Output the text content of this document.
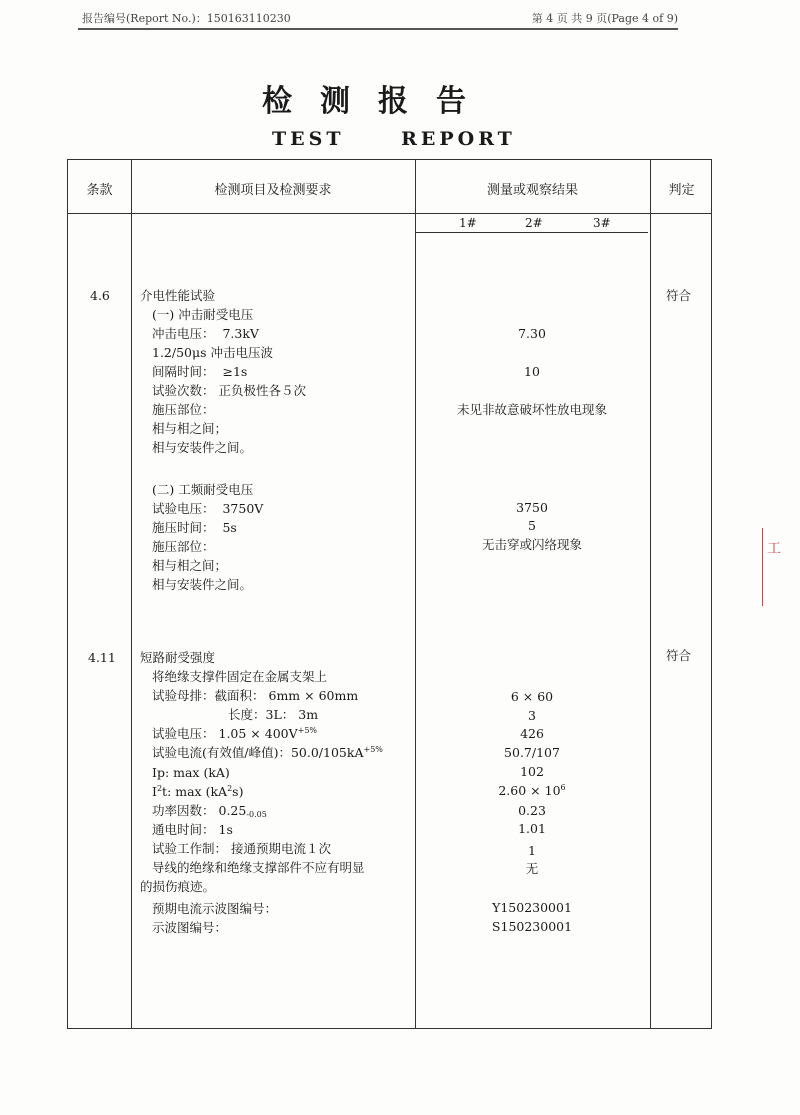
报告编号(Report No.)：150163110230	第 4 页 共 9 页(Page 4 of 9)
检测报告
TEST REPORT
条款	检测项目及检测要求	测量或观察结果	判定
1#	2#	3#
4.6	符合
介电性能试验
(一) 冲击耐受电压
冲击电压： 7.3kV	7.30
1.2/50μs 冲击电压波
间隔时间： ≥1s	10
试验次数： 正负极性各５次
施压部位：	未见非故意破坏性放电现象
相与相之间；
相与安装件之间。
(二) 工频耐受电压
试验电压： 3750V	3750
施压时间： 5s	5
施压部位：	无击穿或闪络现象
相与相之间；
相与安装件之间。
4.11	符合
短路耐受强度
将绝缘支撑件固定在金属支架上
试验母排：截面积： 6mm × 60mm	6 × 60
长度：3L： 3m	3
试验电压： $1.05 \times 400V^{+5\%}$	426
试验电流(有效值/峰值)：$50.0/105kA^{+5\%}$	50.7/107
Ip: max (kA)	102
$I^2t$: $\max (kA^2s)$	$2.60 \times 10^6$
功率因数： $0.25_{-0.05}$	0.23
通电时间： 1s	1.01
试验工作制： 接通预期电流１次	1
导线的绝缘和绝缘支撑部件不应有明显	无
的损伤痕迹。
预期电流示波图编号：	Y150230001
示波图编号：	S150230001
工
